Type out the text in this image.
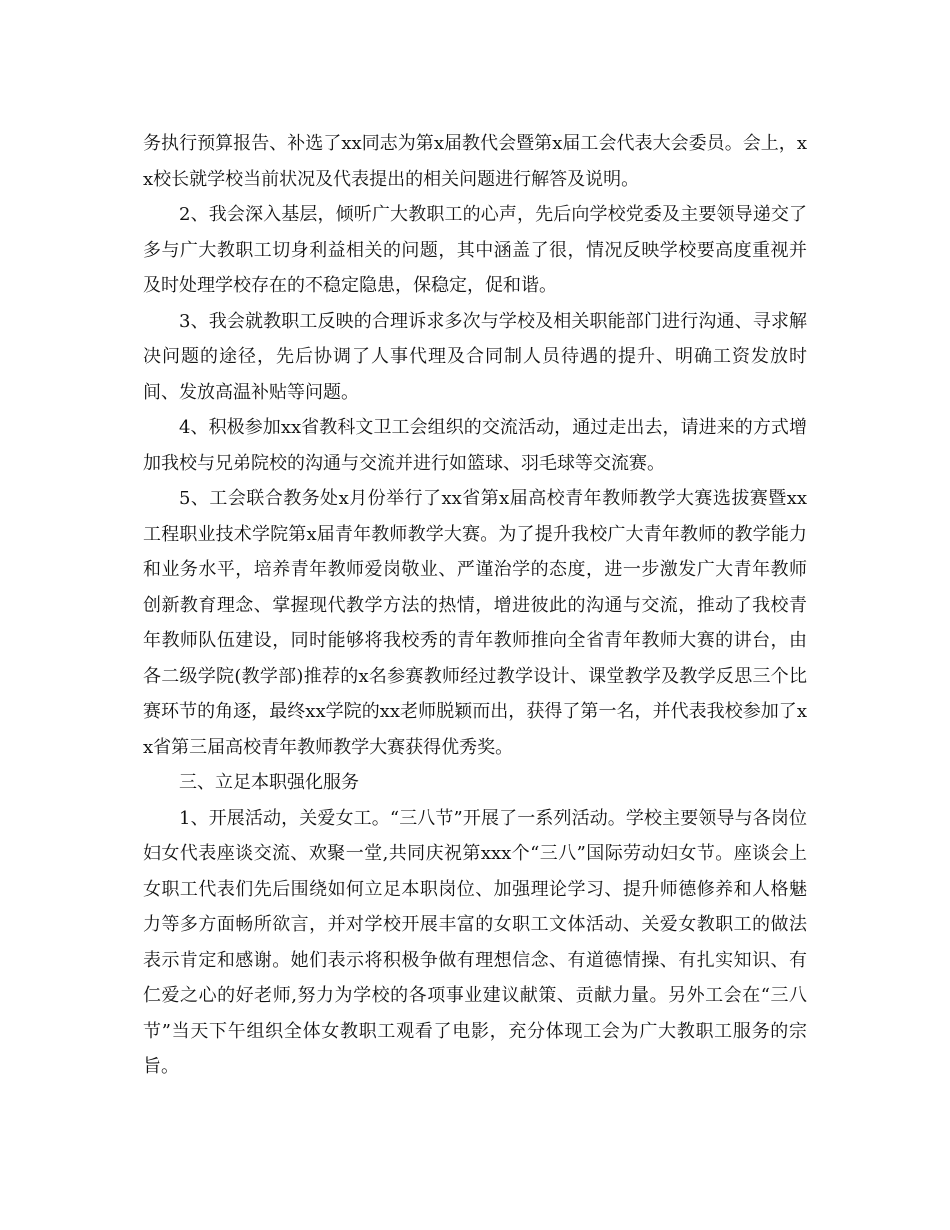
务执行预算报告、补选了xx同志为第x届教代会暨第x届工会代表大会委员。会上，xx校长就学校当前状况及代表提出的相关问题进行解答及说明。

2、我会深入基层，倾听广大教职工的心声，先后向学校党委及主要领导递交了多与广大教职工切身利益相关的问题，其中涵盖了很，情况反映学校要高度重视并及时处理学校存在的不稳定隐患，保稳定，促和谐。

3、我会就教职工反映的合理诉求多次与学校及相关职能部门进行沟通、寻求解决问题的途径，先后协调了人事代理及合同制人员待遇的提升、明确工资发放时间、发放高温补贴等问题。

4、积极参加xx省教科文卫工会组织的交流活动，通过走出去，请进来的方式增加我校与兄弟院校的沟通与交流并进行如篮球、羽毛球等交流赛。

5、工会联合教务处x月份举行了xx省第x届高校青年教师教学大赛选拔赛暨xx工程职业技术学院第x届青年教师教学大赛。为了提升我校广大青年教师的教学能力和业务水平，培养青年教师爱岗敬业、严谨治学的态度，进一步激发广大青年教师创新教育理念、掌握现代教学方法的热情，增进彼此的沟通与交流，推动了我校青年教师队伍建设，同时能够将我校秀的青年教师推向全省青年教师大赛的讲台，由各二级学院(教学部)推荐的x名参赛教师经过教学设计、课堂教学及教学反思三个比赛环节的角逐，最终xx学院的xx老师脱颖而出，获得了第一名，并代表我校参加了xx省第三届高校青年教师教学大赛获得优秀奖。

三、立足本职强化服务

1、开展活动，关爱女工。“三八节”开展了一系列活动。学校主要领导与各岗位妇女代表座谈交流、欢聚一堂,共同庆祝第xxx个“三八”国际劳动妇女节。座谈会上女职工代表们先后围绕如何立足本职岗位、加强理论学习、提升师德修养和人格魅力等多方面畅所欲言，并对学校开展丰富的女职工文体活动、关爱女教职工的做法表示肯定和感谢。她们表示将积极争做有理想信念、有道德情操、有扎实知识、有仁爱之心的好老师,努力为学校的各项事业建议献策、贡献力量。另外工会在“三八节”当天下午组织全体女教职工观看了电影，充分体现工会为广大教职工服务的宗旨。
